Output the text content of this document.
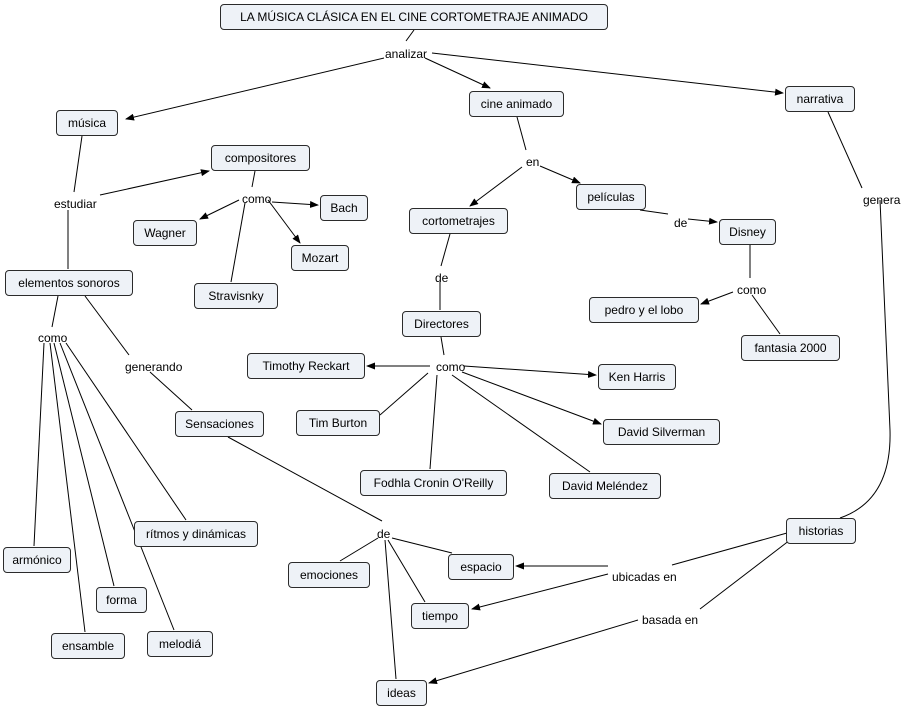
LA MÚSICA CLÁSICA EN EL CINE CORTOMETRAJE ANIMADO
música
compositores
Wagner
Bach
Mozart
Stravisnky
elementos sonoros
Sensaciones
armónico
forma
ensamble	melodiá
rítmos y dinámicas
cine animado
cortometrajes
películas
Disney
pedro y el lobo
fantasia 2000
Directores
Timothy Reckart
Tim Burton
Fodhla Cronin O'Reilly	David Meléndez
David Silverman
Ken Harris
narrativa
historias
emociones
espacio
tiempo
ideas
analizar
estudiar	como
como
generando
en
de
de
como
como
genera
de
ubicadas en
basada en
